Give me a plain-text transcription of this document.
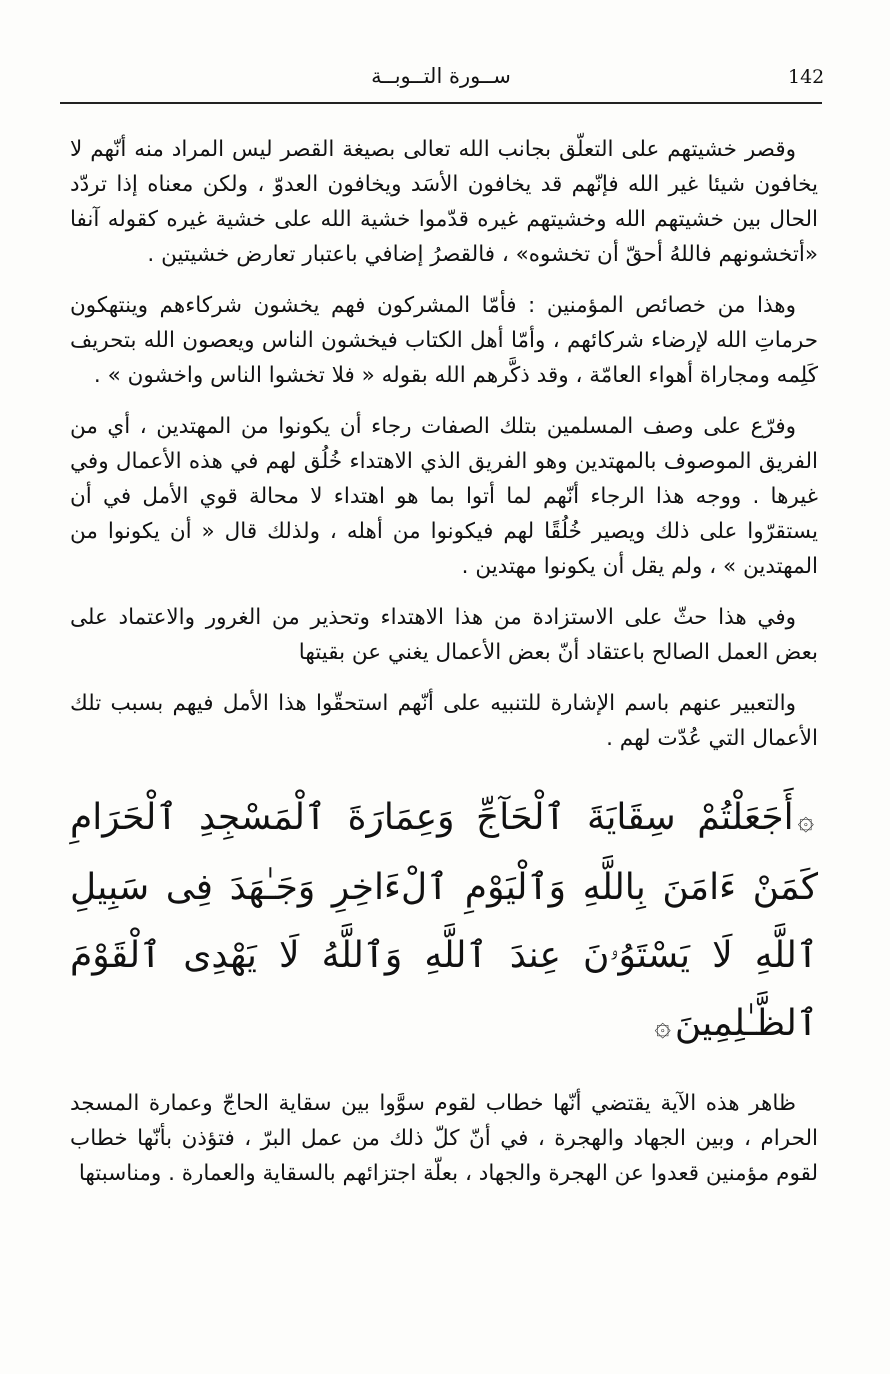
ســورة التــوبــة	142

وقصر خشيتهم على التعلّق بجانب الله تعالى بصيغة القصر ليس المراد منه أنّهم لا يخافون شيئا غير الله فإنّهم قد يخافون الأسَد ويخافون العدوّ ، ولكن معناه إذا تردّد الحال بين خشيتهم الله وخشيتهم غيره قدّموا خشية الله على خشية غيره كقوله آنفا «أتخشونهم فاللهُ أحقّ أن تخشوه» ، فالقصرُ إضافي باعتبار تعارض خشيتين .

وهذا من خصائص المؤمنين : فأمّا المشركون فهم يخشون شركاءهم وينتهكون حرماتِ الله لإرضاء شركائهم ، وأمّا أهل الكتاب فيخشون الناس ويعصون الله بتحريف كَلِمه ومجاراة أهواء العامّة ، وقد ذكَّرهم الله بقوله « فلا تخشوا الناس واخشون » .

وفرّع على وصف المسلمين بتلك الصفات رجاء أن يكونوا من المهتدين ، أي من الفريق الموصوف بالمهتدين وهو الفريق الذي الاهتداء خُلُق لهم في هذه الأعمال وفي غيرها . ووجه هذا الرجاء أنّهم لما أتوا بما هو اهتداء لا محالة قوي الأمل في أن يستقرّوا على ذلك ويصير خُلُقًا لهم فيكونوا من أهله ، ولذلك قال « أن يكونوا من المهتدين » ، ولم يقل أن يكونوا مهتدين .

وفي هذا حثّ على الاستزادة من هذا الاهتداء وتحذير من الغرور والاعتماد على بعض العمل الصالح باعتقاد أنّ بعض الأعمال يغني عن بقيتها

والتعبير عنهم باسم الإشارة للتنبيه على أنّهم استحقّوا هذا الأمل فيهم بسبب تلك الأعمال التي عُدّت لهم .

۞أَجَعَلْتُمْ سِقَايَةَ ٱلْحَآجِّ وَعِمَارَةَ ٱلْمَسْجِدِ ٱلْحَرَامِ كَمَنْ ءَامَنَ بِاللَّهِ وَٱلْيَوْمِ ٱلْءَاخِرِ وَجَـٰهَدَ فِى سَبِيلِ ٱللَّهِ لَا يَسْتَوُۥنَ عِندَ ٱللَّهِ وَٱللَّهُ لَا يَهْدِى ٱلْقَوْمَ ٱلظَّـٰلِمِينَ۞

ظاهر هذه الآية يقتضي أنّها خطاب لقوم سوَّوا بين سقاية الحاجّ وعمارة المسجد الحرام ، وبين الجهاد والهجرة ، في أنّ كلّ ذلك من عمل البرّ ، فتؤذن بأنّها خطاب لقوم مؤمنين قعدوا عن الهجرة والجهاد ، بعلّة اجتزائهم بالسقاية والعمارة . ومناسبتها
